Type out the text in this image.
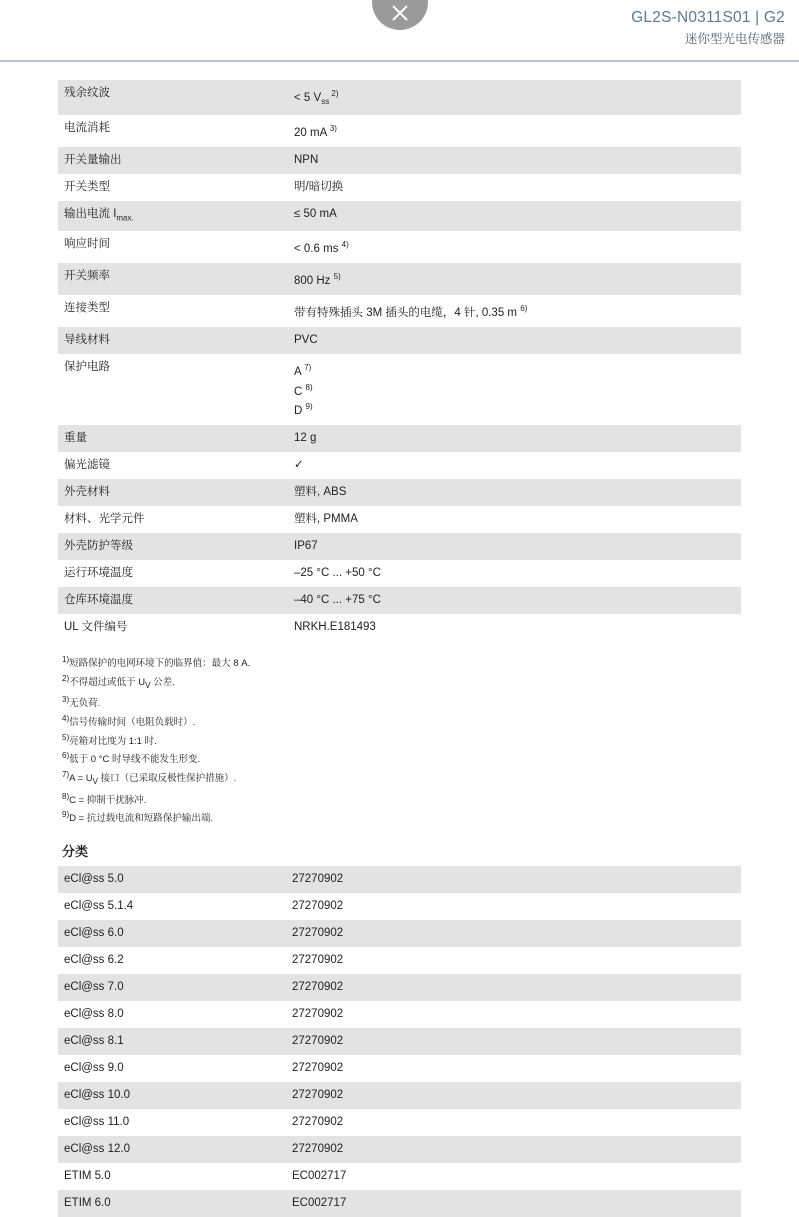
GL2S-N0311S01 | G2
迷你型光电传感器
残余纹波	< 5 $V_{ss}$ $^{2)}$
电流消耗	20 mA $^{3)}$
开关量输出	NPN
开关类型	明/暗切换
输出电流 $I_{max.}$	≤ 50 mA
响应时间	< 0.6 ms $^{4)}$
开关频率	800 Hz $^{5)}$
连接类型	带有特殊插头 3M 插头的电缆，4 针, 0.35 m $^{6)}$
导线材料	PVC
保护电路	A $^{7)}$
C $^{8)}$
D $^{9)}$

重量	12 g
偏光滤镜	✓
外壳材料	塑料, ABS
材料、光学元件	塑料, PMMA
外壳防护等级	IP67
运行环境温度	–25 °C ... +50 °C
仓库环境温度	–40 °C ... +75 °C
UL 文件编号	NRKH.E181493
$^{1)}$短路保护的电网环境下的临界值：最大 8 A.
$^{2)}$不得超过或低于 $U_V$ 公差.
$^{3)}$无负荷.
$^{4)}$信号传输时间（电阻负载时）.
$^{5)}$亮箱对比度为 1:1 时.
$^{6)}$低于 0 °C 时导线不能发生形变.
$^{7)}A = U_V$ 接口（已采取反极性保护措施）.
$^{8)}$C = 抑制干扰脉冲.
$^{9)}$D = 抗过载电流和短路保护输出端.
分类
eCl@ss 5.0	27270902
eCl@ss 5.1.4	27270902
eCl@ss 6.0	27270902
eCl@ss 6.2	27270902
eCl@ss 7.0	27270902
eCl@ss 8.0	27270902
eCl@ss 8.1	27270902
eCl@ss 9.0	27270902
eCl@ss 10.0	27270902
eCl@ss 11.0	27270902
eCl@ss 12.0	27270902
ETIM 5.0	EC002717
ETIM 6.0	EC002717
